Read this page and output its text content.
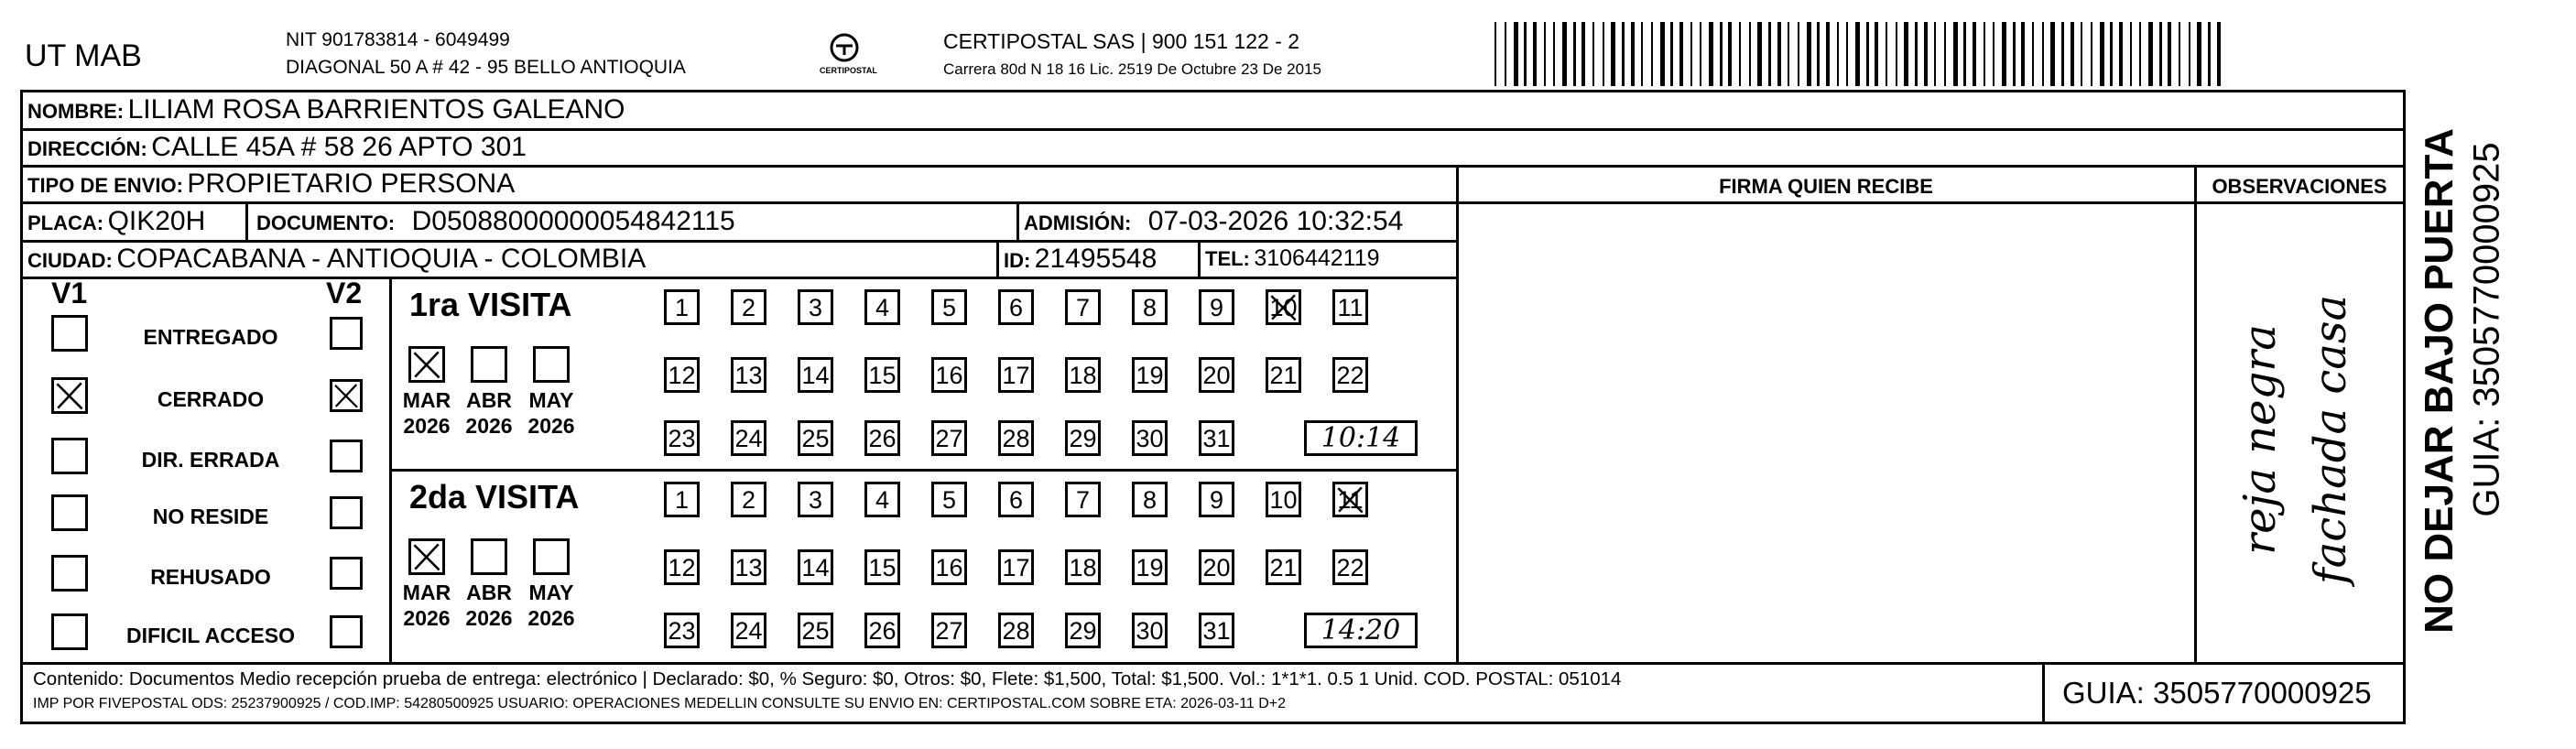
UT MAB	NIT 901783814 - 6049499
DIAGONAL 50 A # 42 - 95 BELLO ANTIOQUIA	CERTIPOSTAL
CERTIPOSTAL SAS | 900 151 122 - 2
Carrera 80d N 18 16 Lic. 2519 De Octubre 23 De 2015
NOMBRE: LILIAM ROSA BARRIENTOS GALEANO
DIRECCIÓN: CALLE 45A # 58 26 APTO 301
TIPO DE ENVIO: PROPIETARIO PERSONA
PLACA: QIK20H	DOCUMENTO: D05088000000054842115	ADMISIÓN: 07-03-2026 10:32:54
CIUDAD: COPACABANA - ANTIOQUIA - COLOMBIA	ID: 21495548 TEL: 3106442119
FIRMA QUIEN RECIBE	OBSERVACIONES
reja negra fachada casa
V1	V2
ENTREGADO
CERRADO
DIR. ERRADA
NO RESIDE
REHUSADO
DIFICIL ACCESO
1ra VISITA
MAR
2026
ABR
2026
MAY
2026
1	2	3	4	5	6	7	8	9	10 11
12 13 14 15 16 17 18 19 20 21 22
23 24 25 26 27 28 29 30 31	10:14
2da VISITA
MAR
2026
ABR
2026
MAY
2026
1	2	3	4	5	6	7	8	9	10 11
12 13 14 15 16 17 18 19 20 21 22
23 24 25 26 27 28 29 30 31	14:20
Contenido: Documentos Medio recepción prueba de entrega: electrónico | Declarado: $0, % Seguro: $0, Otros: $0, Flete: $1,500, Total: $1,500. Vol.: 1*1*1. 0.5 1 Unid. COD. POSTAL: 051014
IMP POR FIVEPOSTAL ODS: 25237900925 / COD.IMP: 54280500925 USUARIO: OPERACIONES MEDELLIN CONSULTE SU ENVIO EN: CERTIPOSTAL.COM SOBRE ETA: 2026-03-11 D+2	GUIA: 3505770000925
NO DEJAR BAJO PUERTA GUIA: 3505770000925
